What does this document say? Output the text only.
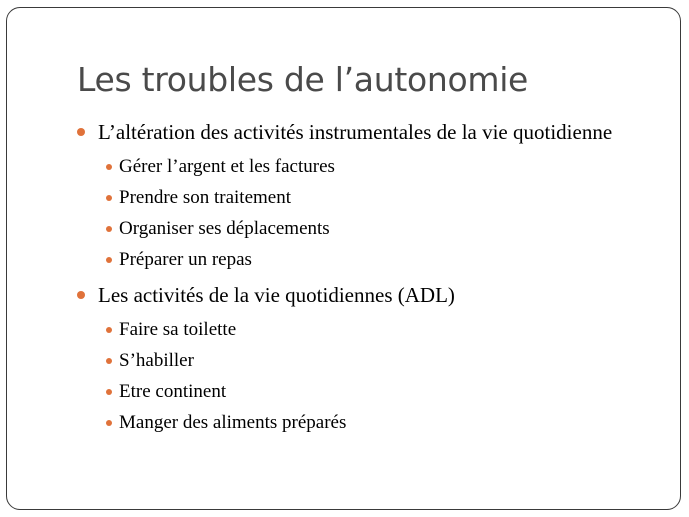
Les troubles de l’autonomie
L’altération des activités instrumentales de la vie quotidienne
Gérer l’argent et les factures
Prendre son traitement
Organiser ses déplacements
Préparer un repas
Les activités de la vie quotidiennes (ADL)
Faire sa toilette
S’habiller
Etre continent
Manger des aliments préparés
